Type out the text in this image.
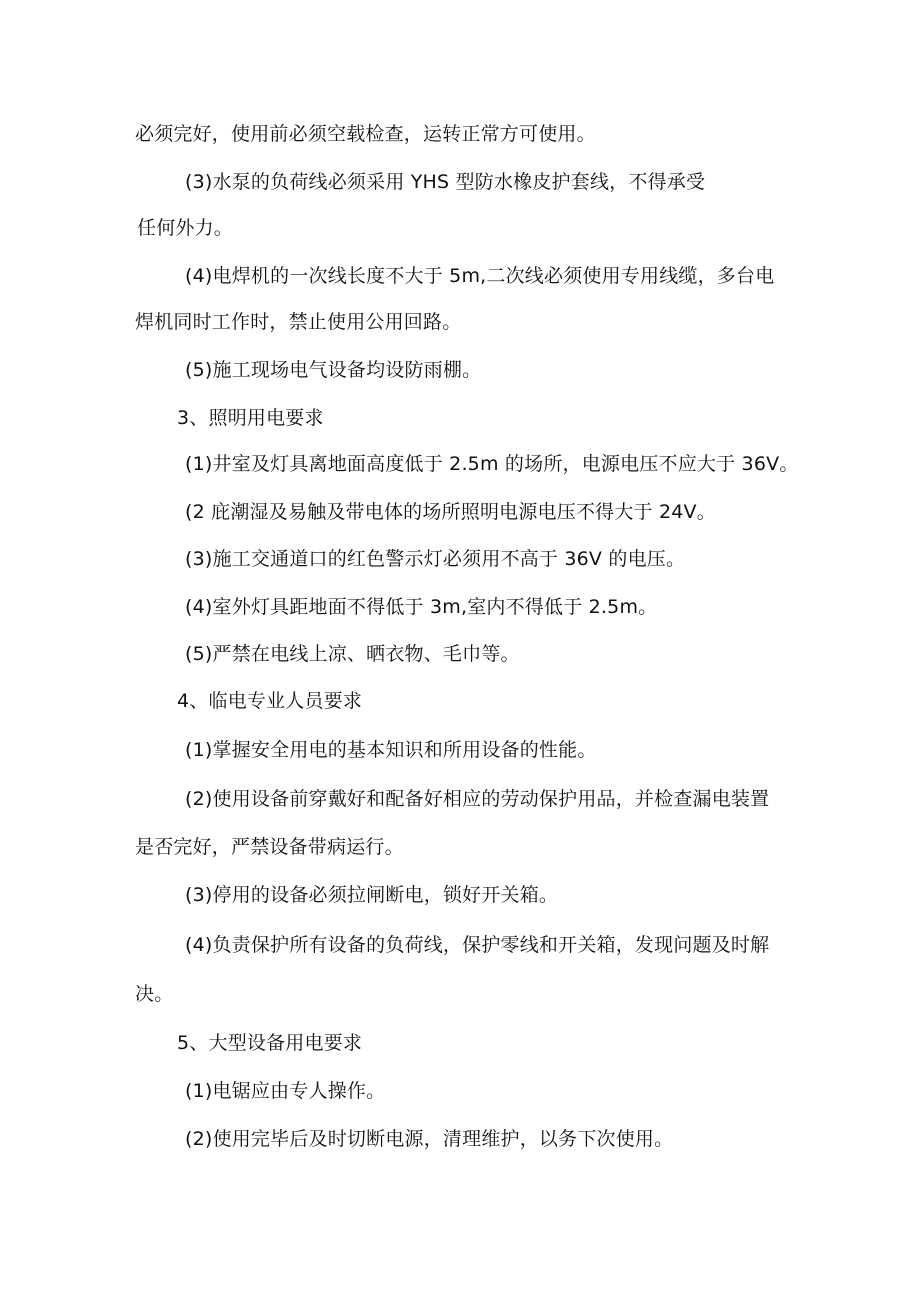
必须完好，使用前必须空载检查，运转正常方可使用。
(3)水泵的负荷线必须采用 YHS 型防水橡皮护套线，不得承受
任何外力。
(4)电焊机的一次线长度不大于 5m,二次线必须使用专用线缆，多台电
焊机同时工作时，禁止使用公用回路。
(5)施工现场电气设备均设防雨棚。
3、照明用电要求
(1)井室及灯具离地面高度低于 2.5m 的场所，电源电压不应大于 36V。
(2 庇潮湿及易触及带电体的场所照明电源电压不得大于 24V。
(3)施工交通道口的红色警示灯必须用不高于 36V 的电压。
(4)室外灯具距地面不得低于 3m,室内不得低于 2.5m。
(5)严禁在电线上凉、晒衣物、毛巾等。
4、临电专业人员要求
(1)掌握安全用电的基本知识和所用设备的性能。
(2)使用设备前穿戴好和配备好相应的劳动保护用品，并检查漏电装置
是否完好，严禁设备带病运行。
(3)停用的设备必须拉闸断电，锁好开关箱。
(4)负责保护所有设备的负荷线，保护零线和开关箱，发现问题及时解
决。
5、大型设备用电要求
(1)电锯应由专人操作。
(2)使用完毕后及时切断电源，清理维护，以务下次使用。
